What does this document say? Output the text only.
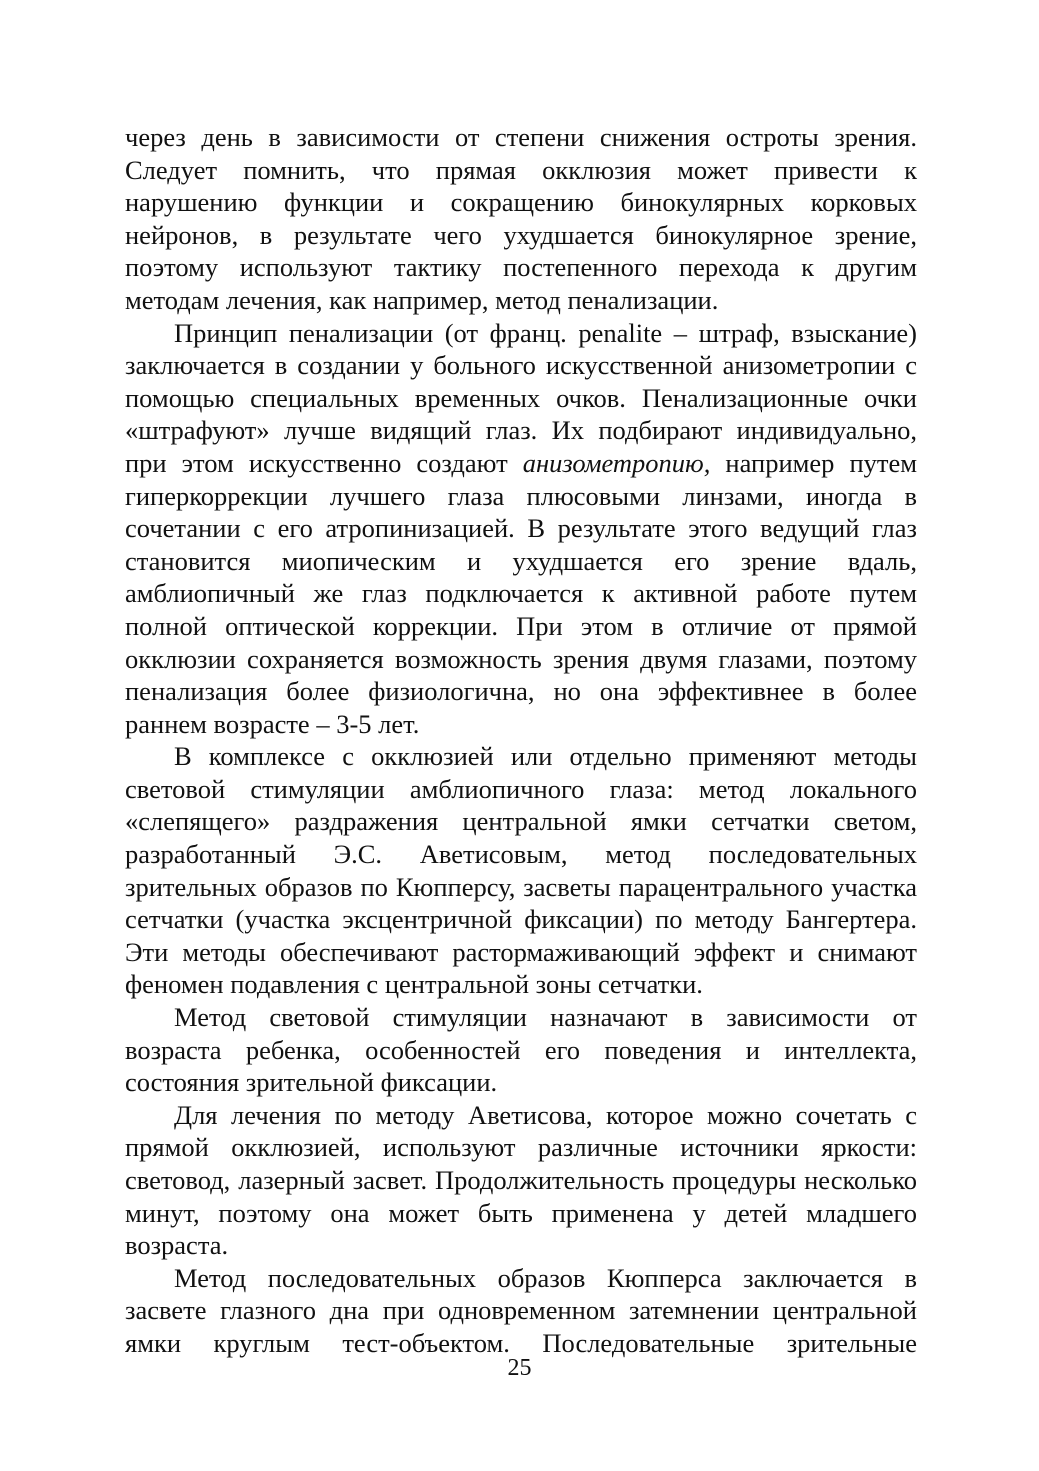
через день в зависимости от степени снижения остроты зрения. Следует помнить, что прямая окклюзия может привести к нарушению функции и сокращению бинокулярных корковых нейронов, в результате чего ухудшается бинокулярное зрение, поэтому используют тактику постепенного перехода к другим методам лечения, как например, метод пенализации.

Принцип пенализации (от франц. penalite – штраф, взыскание) заключается в создании у больного искусственной анизометропии с помощью специальных временных очков. Пенализационные очки «штрафуют» лучше видящий глаз. Их подбирают индивидуально, при этом искусственно создают анизометропию, например путем гиперкоррекции лучшего глаза плюсовыми линзами, иногда в сочетании с его атропинизацией. В результате этого ведущий глаз становится миопическим и ухудшается его зрение вдаль, амблиопичный же глаз подключается к активной работе путем полной оптической коррекции. При этом в отличие от прямой окклюзии сохраняется возможность зрения двумя глазами, поэтому пенализация более физиологична, но она эффективнее в более раннем возрасте – 3-5 лет.

В комплексе с окклюзией или отдельно применяют методы световой стимуляции амблиопичного глаза: метод локального «слепящего» раздражения центральной ямки сетчатки светом, разработанный Э.С. Аветисовым, метод последовательных зрительных образов по Кюпперсу, засветы парацентрального участка сетчатки (участка эксцентричной фиксации) по методу Бангертера. Эти методы обеспечивают растормаживающий эффект и снимают феномен подавления с центральной зоны сетчатки.

Метод световой стимуляции назначают в зависимости от возраста ребенка, особенностей его поведения и интеллекта, состояния зрительной фиксации.

Для лечения по методу Аветисова, которое можно сочетать с прямой окклюзией, используют различные источники яркости: световод, лазерный засвет. Продолжительность процедуры несколько минут, поэтому она может быть применена у детей младшего возраста.

Метод последовательных образов Кюпперса заключается в засвете глазного дна при одновременном затемнении центральной ямки круглым тест-объектом. Последовательные зрительные

25
